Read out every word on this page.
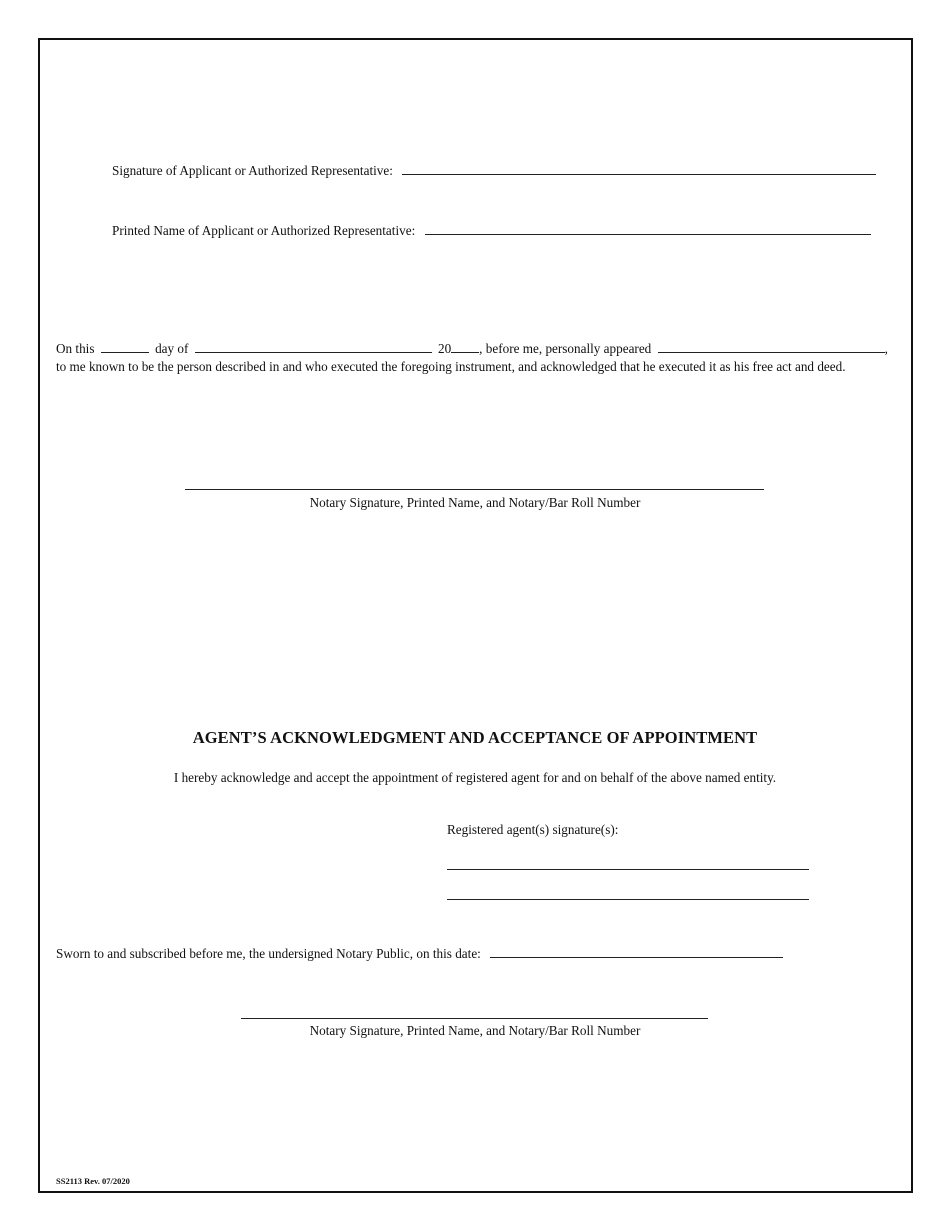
Signature of Applicant or Authorized Representative:
Printed Name of Applicant or Authorized Representative:
On this	day of	20 , before me, personally appeared	,
to me known to be the person described in and who executed the foregoing instrument, and acknowledged that he executed it as his free act and deed.
Notary Signature, Printed Name, and Notary/Bar Roll Number
AGENT’S ACKNOWLEDGMENT AND ACCEPTANCE OF APPOINTMENT
I hereby acknowledge and accept the appointment of registered agent for and on behalf of the above named entity.
Registered agent(s) signature(s):
Sworn to and subscribed before me, the undersigned Notary Public, on this date:
Notary Signature, Printed Name, and Notary/Bar Roll Number
SS2113 Rev. 07/2020
